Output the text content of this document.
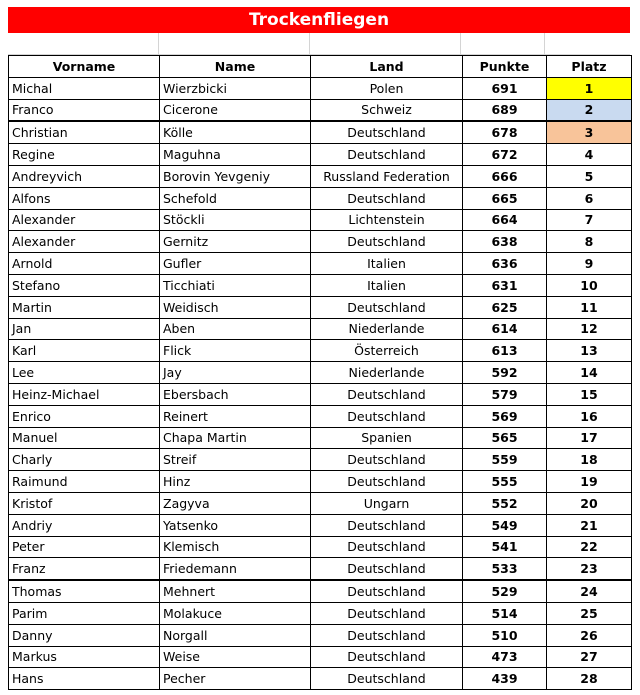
Trockenfliegen
Vorname	Name	Land	Punkte	Platz
Michal	Wierzbicki	Polen	691	1
Franco	Cicerone	Schweiz	689	2
Christian	Kölle	Deutschland	678	3
Regine	Maguhna	Deutschland	672	4
Andreyvich	Borovin Yevgeniy	Russland Federation	666	5
Alfons	Schefold	Deutschland	665	6
Alexander	Stöckli	Lichtenstein	664	7
Alexander	Gernitz	Deutschland	638	8
Arnold	Gufler	Italien	636	9
Stefano	Ticchiati	Italien	631	10
Martin	Weidisch	Deutschland	625	11
Jan	Aben	Niederlande	614	12
Karl	Flick	Österreich	613	13
Lee	Jay	Niederlande	592	14
Heinz-Michael	Ebersbach	Deutschland	579	15
Enrico	Reinert	Deutschland	569	16
Manuel	Chapa Martin	Spanien	565	17
Charly	Streif	Deutschland	559	18
Raimund	Hinz	Deutschland	555	19
Kristof	Zagyva	Ungarn	552	20
Andriy	Yatsenko	Deutschland	549	21
Peter	Klemisch	Deutschland	541	22
Franz	Friedemann	Deutschland	533	23
Thomas	Mehnert	Deutschland	529	24
Parim	Molakuce	Deutschland	514	25
Danny	Norgall	Deutschland	510	26
Markus	Weise	Deutschland	473	27
Hans	Pecher	Deutschland	439	28
